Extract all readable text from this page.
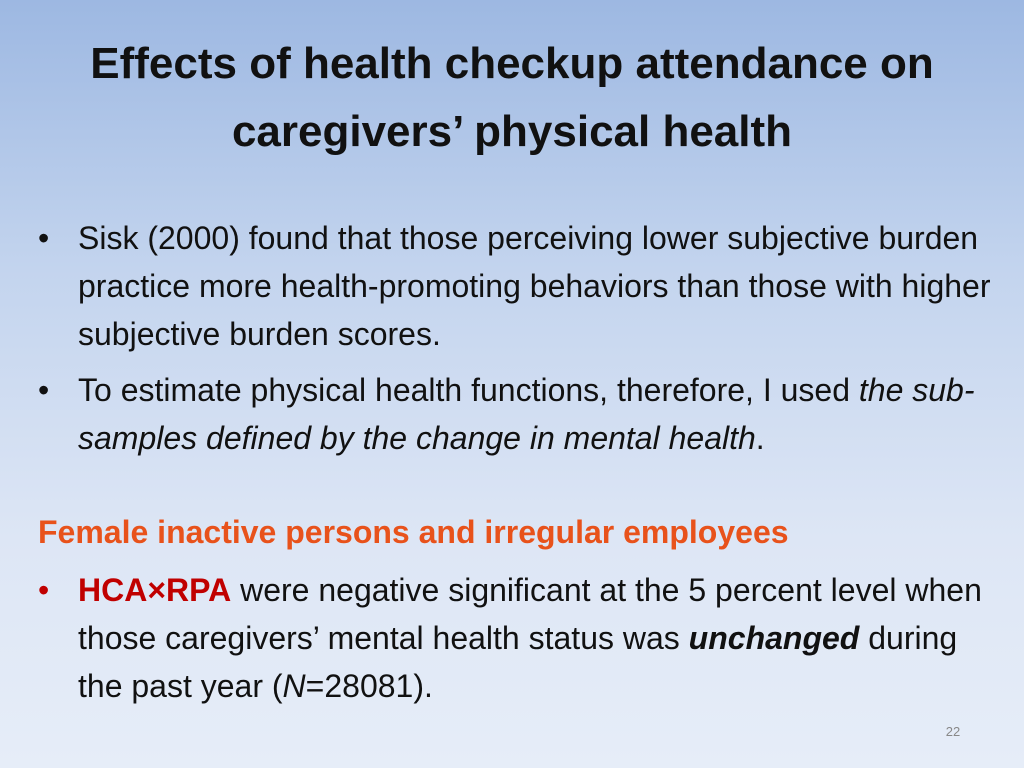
Effects of health checkup attendance on
caregivers’ physical health
• Sisk (2000) found that those perceiving lower subjective burden practice more health-promoting behaviors than those with higher subjective burden scores.
• To estimate physical health functions, therefore, I used the sub-samples defined by the change in mental health.
Female inactive persons and irregular employees
• HCA×RPA were negative significant at the 5 percent level when those caregivers’ mental health status was unchanged during the past year (N=28081).
22
